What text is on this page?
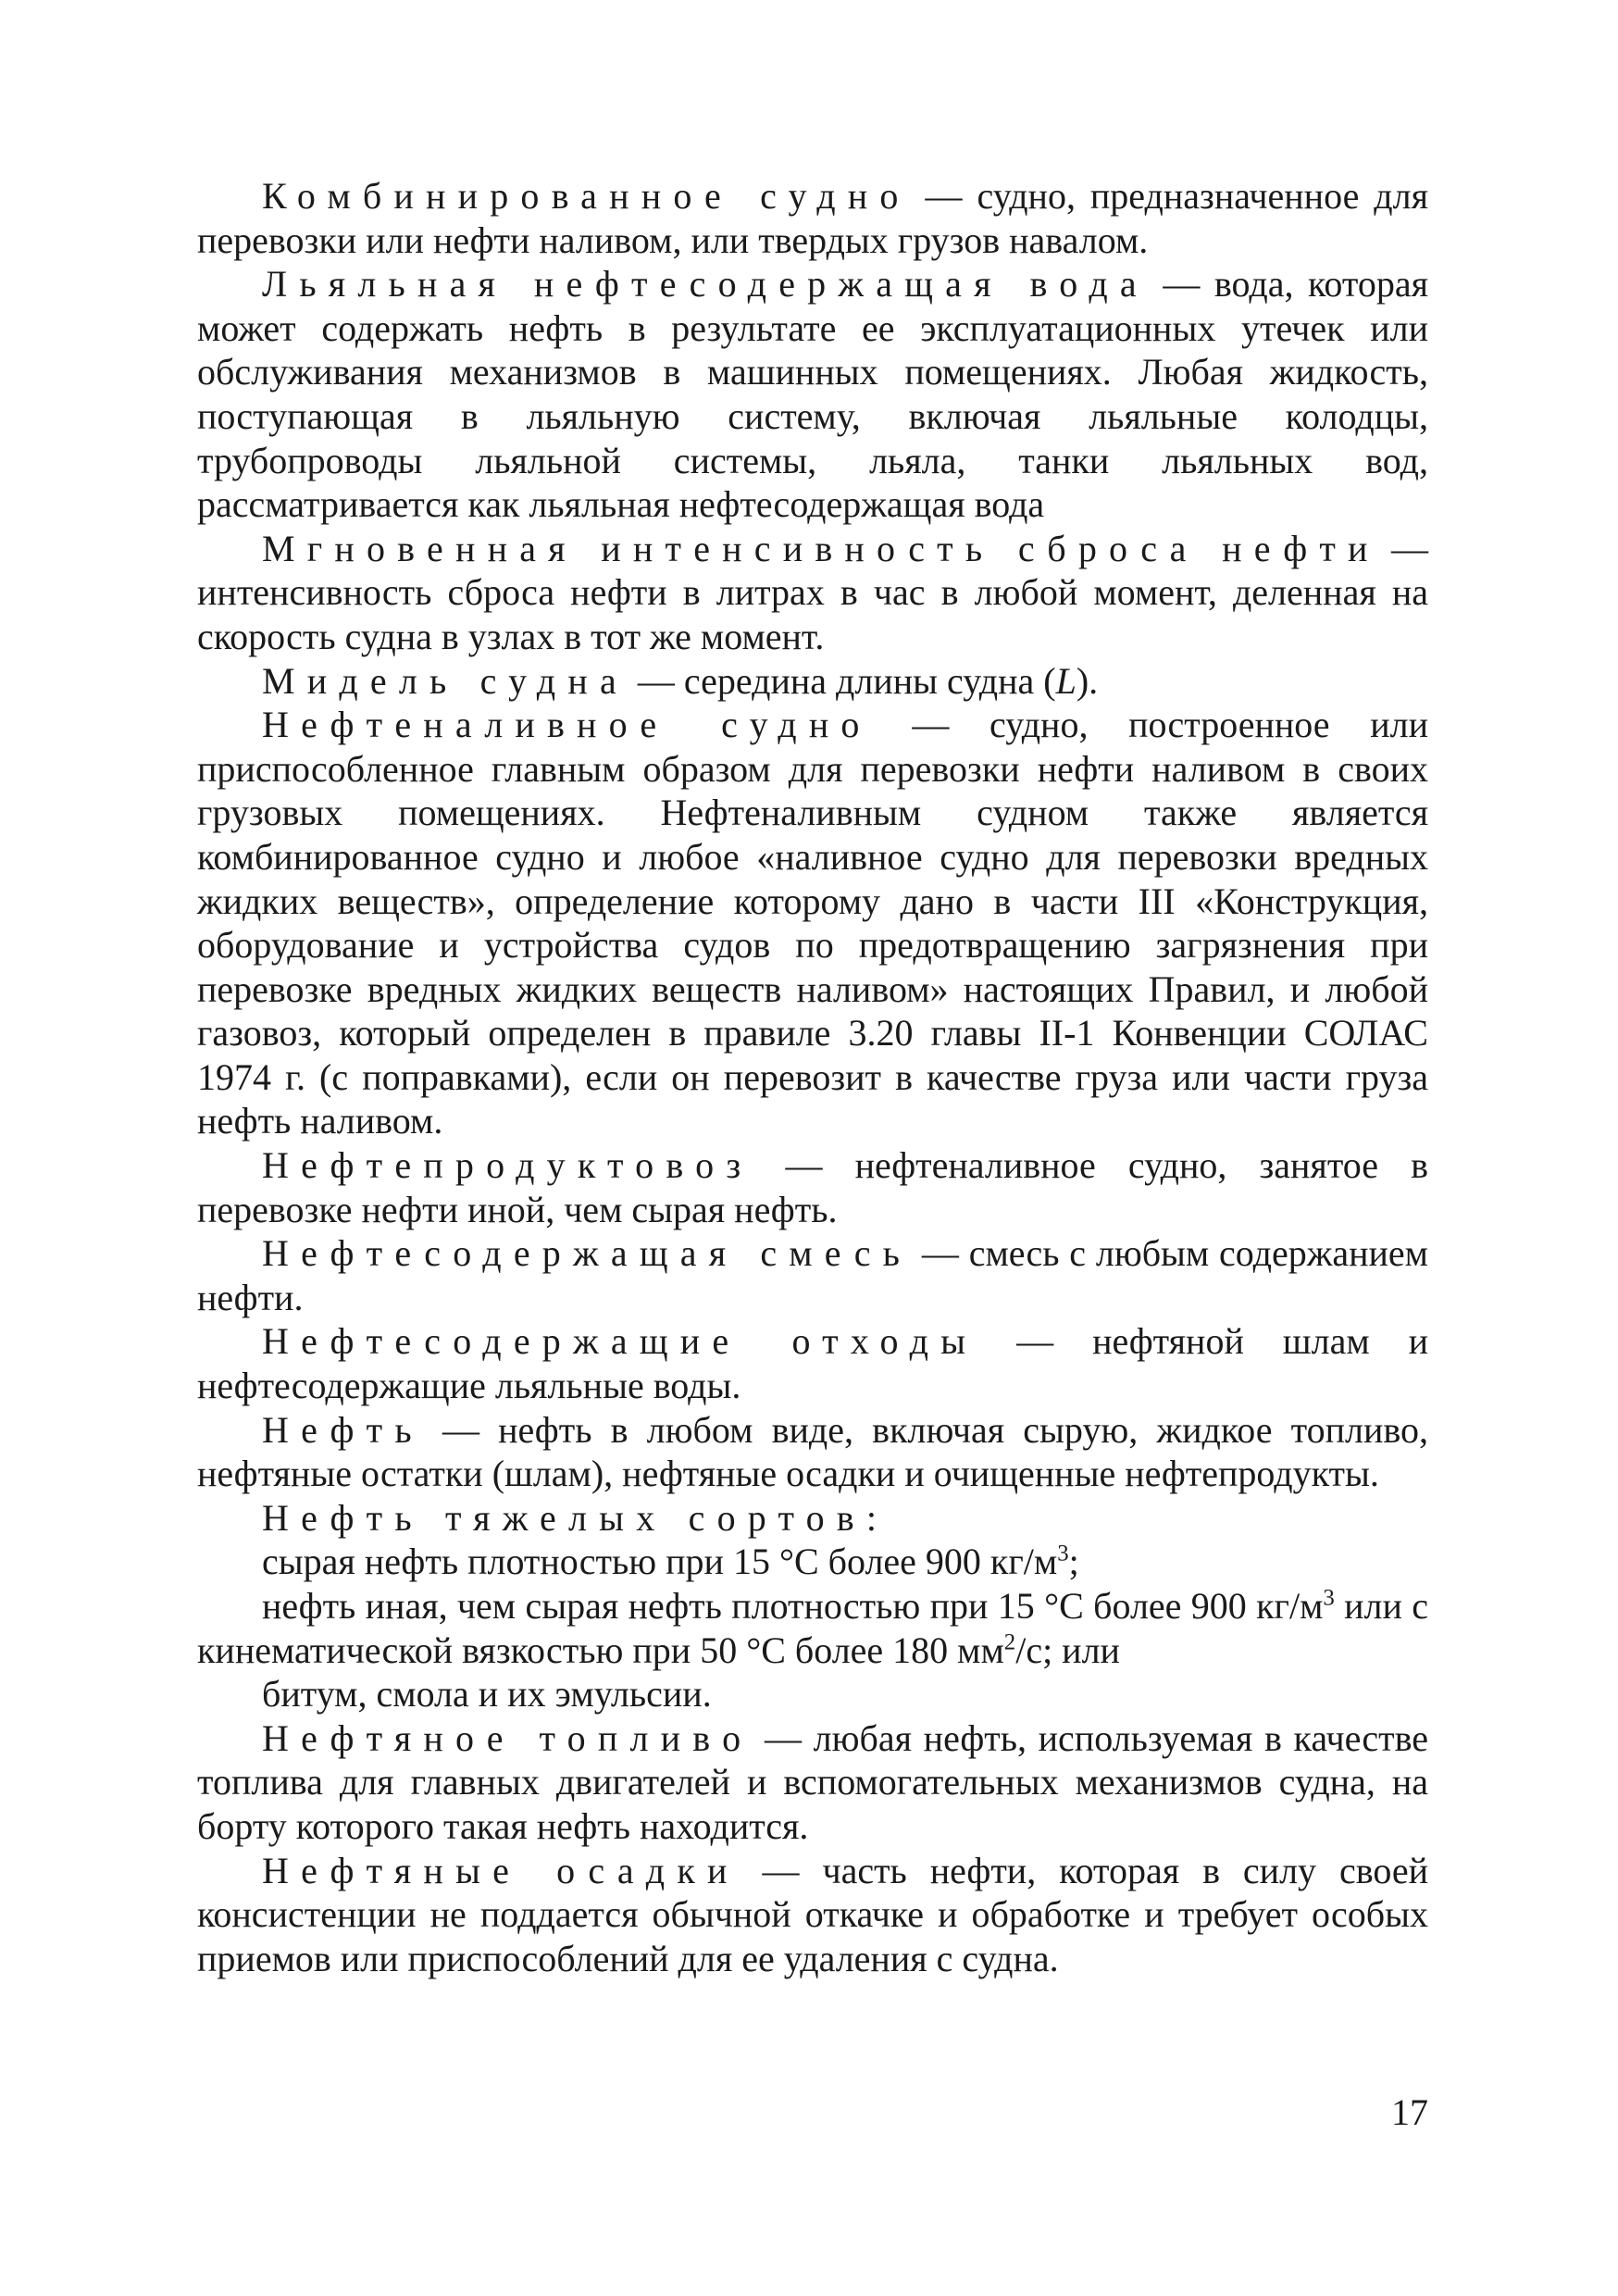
Комбинированное судно — судно, предназначенное для перевозки или нефти наливом, или твердых грузов навалом.

Льяльная нефтесодержащая вода — вода, которая может содержать нефть в результате ее эксплуатационных утечек или обслуживания механизмов в машинных помещениях. Любая жидкость, поступающая в льяльную систему, включая льяльные колодцы, трубопроводы льяльной системы, льяла, танки льяльных вод, рассматривается как льяльная нефтесодержащая вода

Мгновенная интенсивность сброса нефти — интенсивность сброса нефти в литрах в час в любой момент, деленная на скорость судна в узлах в тот же момент.

Мидель судна — середина длины судна (L).

Нефтеналивное судно — судно, построенное или приспособленное главным образом для перевозки нефти наливом в своих грузовых помещениях. Нефтеналивным судном также является комбинированное судно и любое «наливное судно для перевозки вредных жидких веществ», определение которому дано в части III «Конструкция, оборудование и устройства судов по предотвращению загрязнения при перевозке вредных жидких веществ наливом» настоящих Правил, и любой газовоз, который определен в правиле 3.20 главы II-1 Конвенции СОЛАС 1974 г. (с поправками), если он перевозит в качестве груза или части груза нефть наливом.

Нефтепродуктовоз — нефтеналивное судно, занятое в перевозке нефти иной, чем сырая нефть.

Нефтесодержащая смесь — смесь с любым содержанием нефти.

Нефтесодержащие отходы — нефтяной шлам и нефтесодержащие льяльные воды.

Нефть — нефть в любом виде, включая сырую, жидкое топливо, нефтяные остатки (шлам), нефтяные осадки и очищенные нефтепродукты.

Нефть тяжелых сортов:

сырая нефть плотностью при 15 °С более 900 $кг/м^3$;

нефть иная, чем сырая нефть плотностью при 15 °С более 900 $кг/м^3$ или с кинематической вязкостью при 50 °С более 180 $мм^2/с$; или

битум, смола и их эмульсии.

Нефтяное топливо — любая нефть, используемая в качестве топлива для главных двигателей и вспомогательных механизмов судна, на борту которого такая нефть находится.

Нефтяные осадки — часть нефти, которая в силу своей консистенции не поддается обычной откачке и обработке и требует особых приемов или приспособлений для ее удаления с судна.

17
